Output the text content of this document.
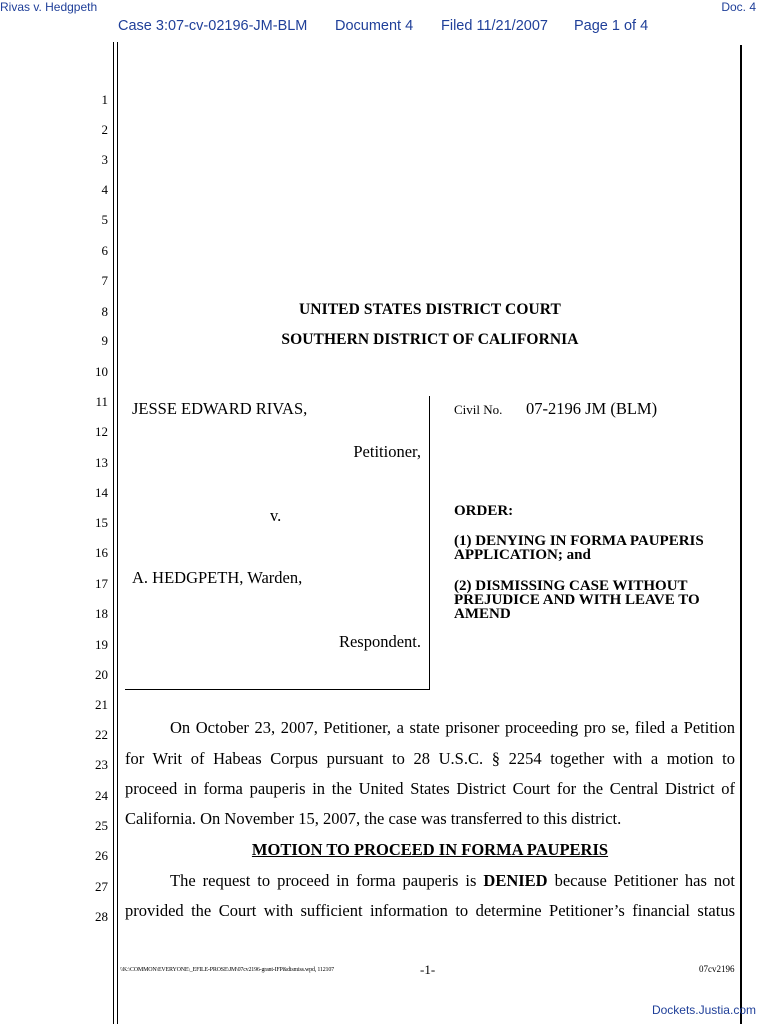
Rivas v. Hedgpeth	Doc. 4
Case 3:07-cv-02196-JM-BLM Document 4 Filed 11/21/2007 Page 1 of 4
1
2
3
4
5
6
7
8
9
10
11
12
13
14
15
16
17
18
19
20
21
22
23
24
25
26
27
28
UNITED STATES DISTRICT COURT
SOUTHERN DISTRICT OF CALIFORNIA
JESSE EDWARD RIVAS,
Petitioner,
v.
A. HEDGPETH, Warden,
Respondent.
Civil No. 07-2196 JM (BLM)
ORDER:
(1) DENYING IN FORMA PAUPERIS APPLICATION; and
(2) DISMISSING CASE WITHOUT PREJUDICE AND WITH LEAVE TO AMEND
On October 23, 2007, Petitioner, a state prisoner proceeding pro se, filed a Petition
for Writ of Habeas Corpus pursuant to 28 U.S.C. § 2254 together with a motion to
proceed in forma pauperis in the United States District Court for the Central District of
California. On November 15, 2007, the case was transferred to this district.
MOTION TO PROCEED IN FORMA PAUPERIS
The request to proceed in forma pauperis is DENIED because Petitioner has not
provided the Court with sufficient information to determine Petitioner’s financial status
\\K:\COMMON\EVERYONE\_EFILE-PROSE\JM\07cv2196-grant-IFP&dismiss.wpd, 112107	-1-	07cv2196
Dockets.Justia.com
